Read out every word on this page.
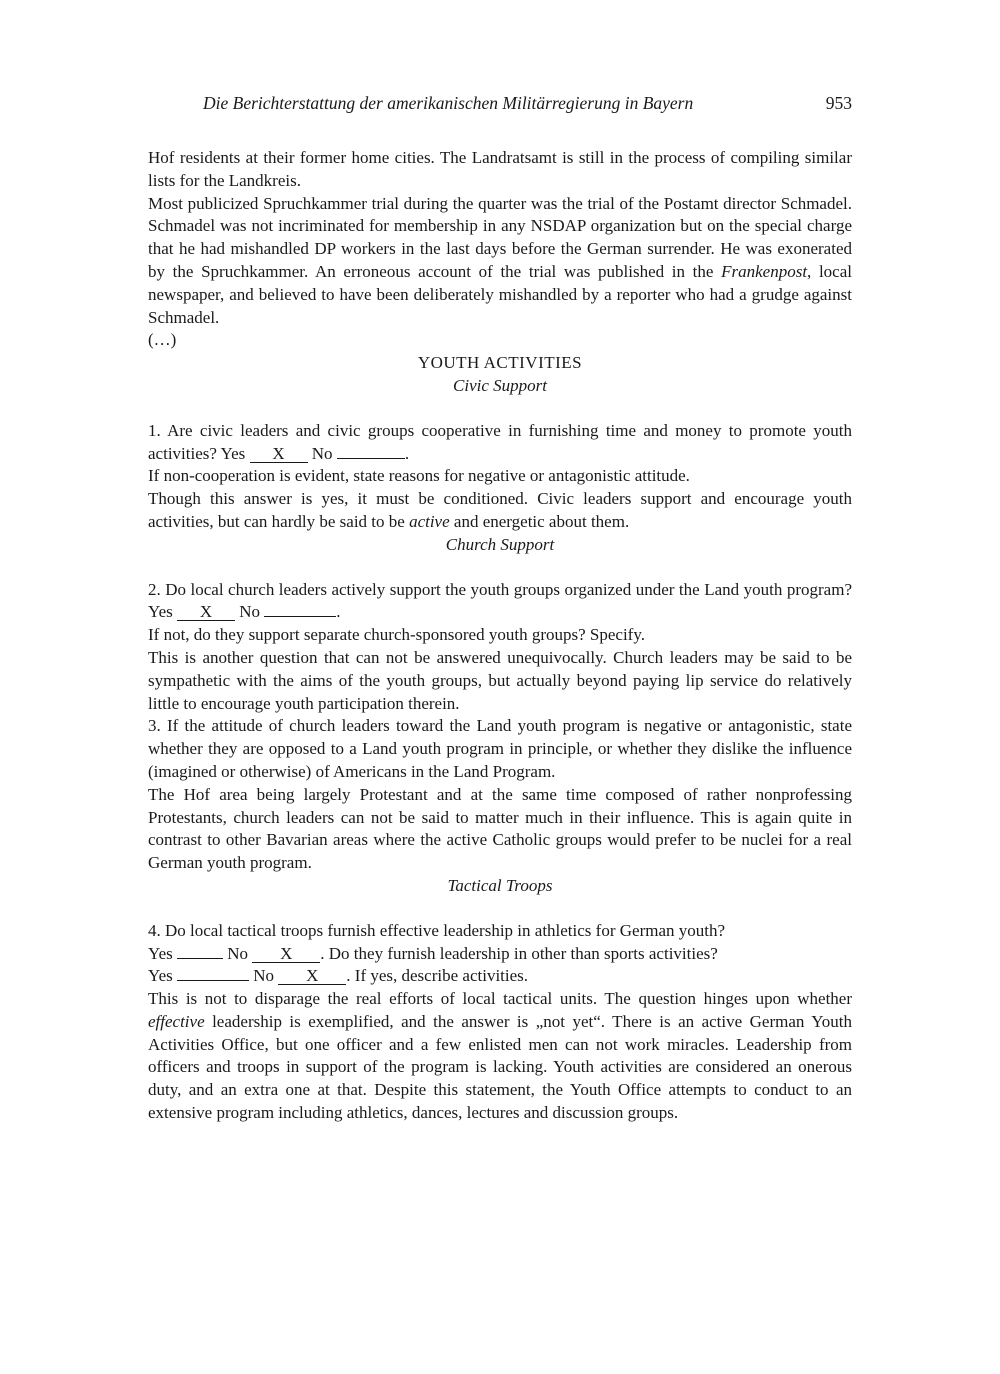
Die Berichterstattung der amerikanischen Militärregierung in Bayern	953

Hof residents at their former home cities. The Landratsamt is still in the process of compiling similar lists for the Landkreis.

Most publicized Spruchkammer trial during the quarter was the trial of the Postamt director Schmadel. Schmadel was not incriminated for membership in any NSDAP organization but on the special charge that he had mishandled DP workers in the last days before the German surrender. He was exonerated by the Spruchkammer. An erroneous account of the trial was published in the Frankenpost, local newspaper, and believed to have been deliberately mishandled by a reporter who had a grudge against Schmadel.

(…)

YOUTH ACTIVITIES

Civic Support

1. Are civic leaders and civic groups cooperative in furnishing time and money to promote youth activities? Yes X No	.

If non-cooperation is evident, state reasons for negative or antagonistic attitude.

Though this answer is yes, it must be conditioned. Civic leaders support and encourage youth activities, but can hardly be said to be active and energetic about them.

Church Support

2. Do local church leaders actively support the youth groups organized under the Land youth program? Yes X No	.

If not, do they support separate church-sponsored youth groups? Specify.

This is another question that can not be answered unequivocally. Church leaders may be said to be sympathetic with the aims of the youth groups, but actually beyond paying lip service do relatively little to encourage youth participation therein.

3. If the attitude of church leaders toward the Land youth program is negative or antagonistic, state whether they are opposed to a Land youth program in principle, or whether they dislike the influence (imagined or otherwise) of Americans in the Land Program.

The Hof area being largely Protestant and at the same time composed of rather nonprofessing Protestants, church leaders can not be said to matter much in their influence. This is again quite in contrast to other Bavarian areas where the active Catholic groups would prefer to be nuclei for a real German youth program.

Tactical Troops

4. Do local tactical troops furnish effective leadership in athletics for German youth?
Yes	No X . Do they furnish leadership in other than sports activities?
Yes	No X . If yes, describe activities.

This is not to disparage the real efforts of local tactical units. The question hinges upon whether effective leadership is exemplified, and the answer is „not yet“. There is an active German Youth Activities Office, but one officer and a few enlisted men can not work miracles. Leadership from officers and troops in support of the program is lacking. Youth activities are considered an onerous duty, and an extra one at that. Despite this statement, the Youth Office attempts to conduct to an extensive program including athletics, dances, lectures and discussion groups.
